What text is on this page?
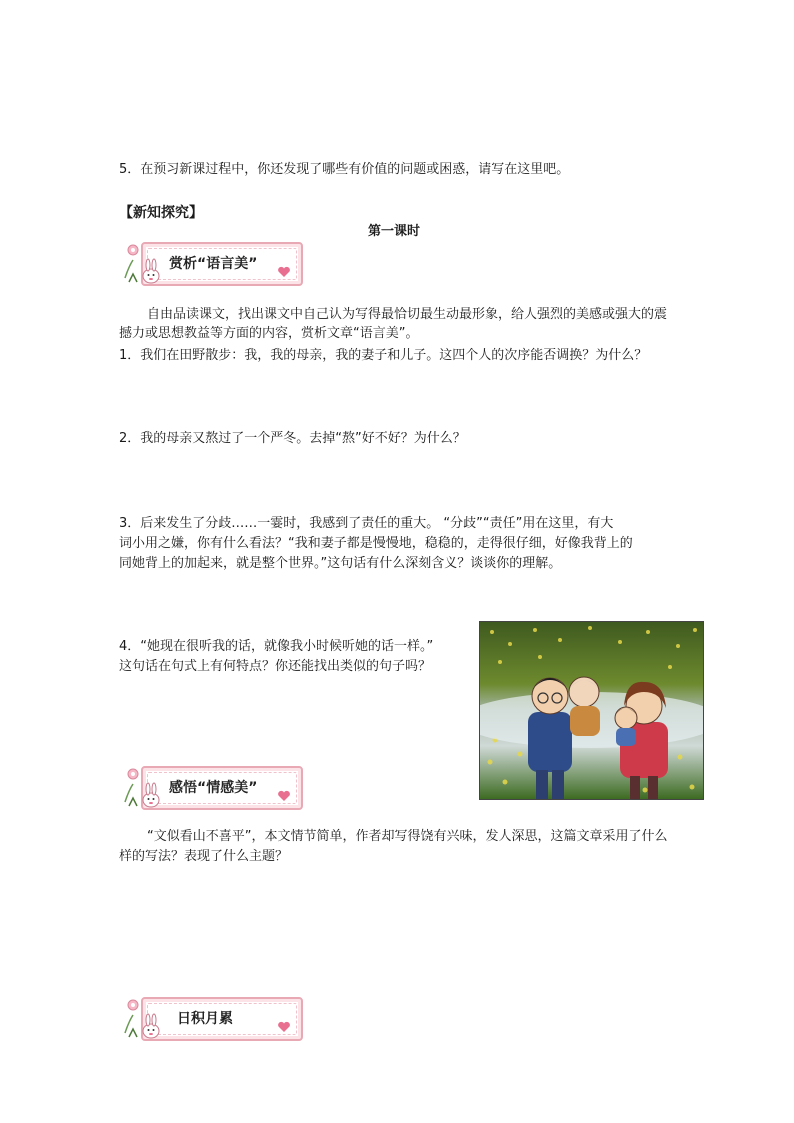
5．在预习新课过程中，你还发现了哪些有价值的问题或困惑，请写在这里吧。
【新知探究】
第一课时
赏析“语言美”
自由品读课文，找出课文中自己认为写得最恰切最生动最形象，给人强烈的美感或强大的震撼力或思想教益等方面的内容，赏析文章“语言美”。
1．我们在田野散步：我，我的母亲，我的妻子和儿子。这四个人的次序能否调换？为什么？
2．我的母亲又熬过了一个严冬。去掉“熬”好不好？为什么？
3．后来发生了分歧……一霎时，我感到了责任的重大。 “分歧”“责任”用在这里，有大
词小用之嫌，你有什么看法？“我和妻子都是慢慢地，稳稳的，走得很仔细，好像我背上的
同她背上的加起来，就是整个世界。”这句话有什么深刻含义？谈谈你的理解。
4．“她现在很听我的话，就像我小时候听她的话一样。”
这句话在句式上有何特点？你还能找出类似的句子吗？
感悟“情感美”
“文似看山不喜平”，本文情节简单，作者却写得饶有兴味，发人深思，这篇文章采用了什么样的写法？表现了什么主题？
日积月累
